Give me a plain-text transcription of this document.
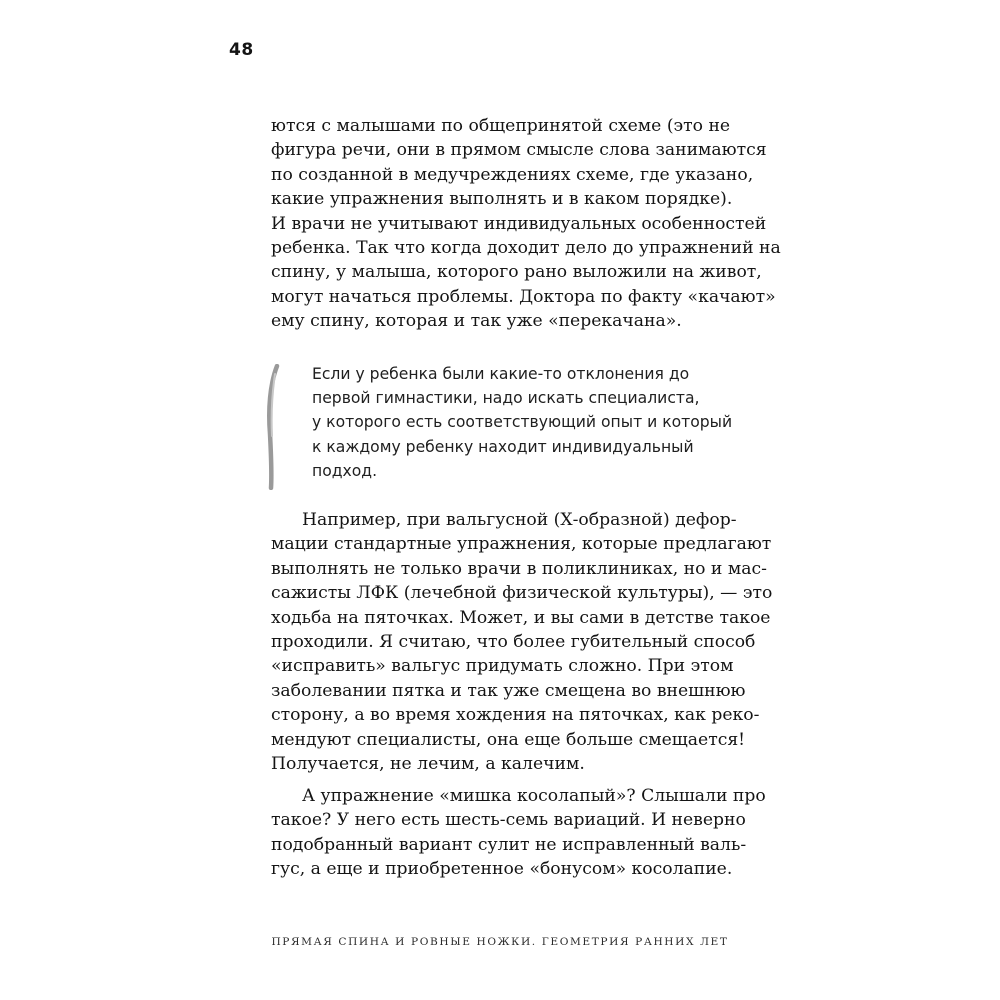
48

ются с малышами по общепринятой схеме (это не
фигура речи, они в прямом смысле слова занимаются
по созданной в медучреждениях схеме, где указано,
какие упражнения выполнять и в каком порядке).
И врачи не учитывают индивидуальных особенностей
ребенка. Так что когда доходит дело до упражнений на
спину, у малыша, которого рано выложили на живот,
могут начаться проблемы. Доктора по факту «качают»
ему спину, которая и так уже «перекачана».

Если у ребенка были какие-то отклонения до
первой гимнастики, надо искать специалиста,
у которого есть соответствующий опыт и который
к каждому ребенку находит индивидуальный
подход.

Например, при вальгусной (Х-образной) дефор-
мации стандартные упражнения, которые предлагают
выполнять не только врачи в поликлиниках, но и мас-
сажисты ЛФК (лечебной физической культуры), — это
ходьба на пяточках. Может, и вы сами в детстве такое
проходили. Я считаю, что более губительный способ
«исправить» вальгус придумать сложно. При этом
заболевании пятка и так уже смещена во внешнюю
сторону, а во время хождения на пяточках, как реко-
мендуют специалисты, она еще больше смещается!
Получается, не лечим, а калечим.

А упражнение «мишка косолапый»? Слышали про
такое? У него есть шесть-семь вариаций. И неверно
подобранный вариант сулит не исправленный валь-
гус, а еще и приобретенное «бонусом» косолапие.

ПРЯМАЯ СПИНА И РОВНЫЕ НОЖКИ. ГЕОМЕТРИЯ РАННИХ ЛЕТ
